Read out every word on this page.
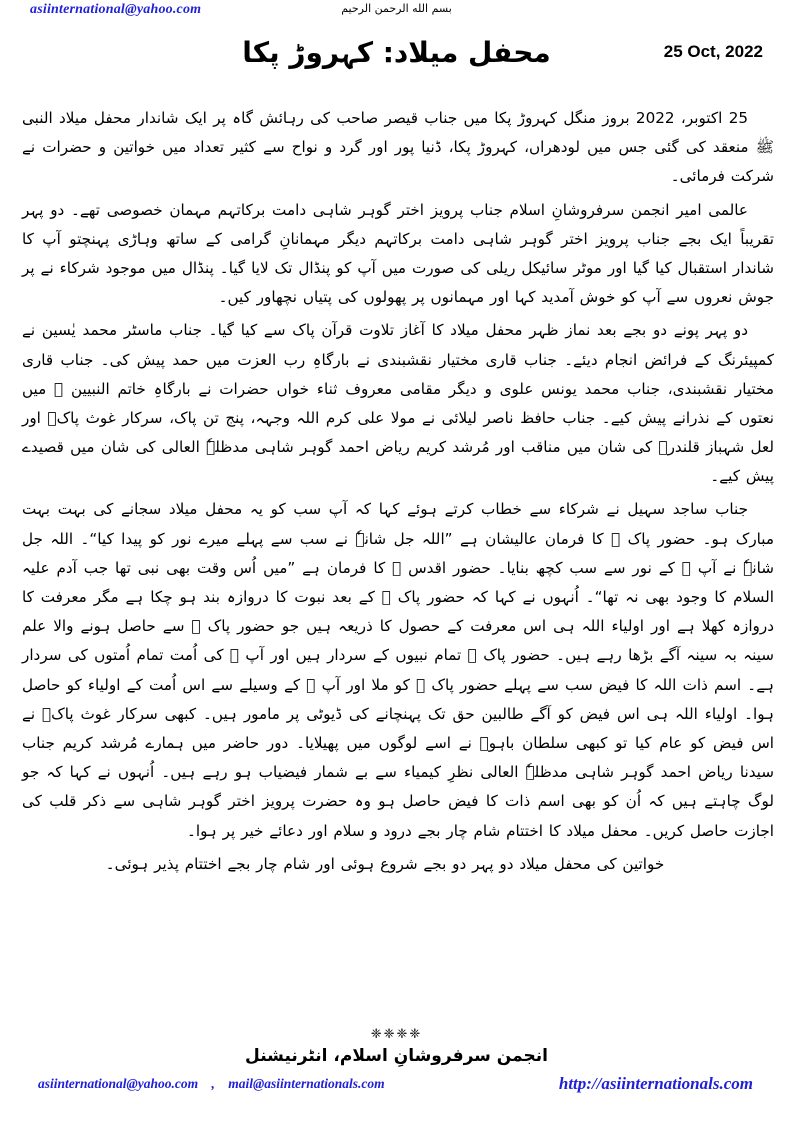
asiinternational@yahoo.com	بسم الله الرحمن الرحيم
محفل میلاد: کہروڑ پکا	25 Oct, 2022

25 اکتوبر، 2022 بروز منگل کہروڑ پکا میں جناب قیصر صاحب کی رہائش گاہ پر ایک شاندار محفل میلاد النبی ﷺ منعقد کی گئی جس میں لودھراں، کہروڑ پکا، ڈنیا پور اور گرد و نواح سے کثیر تعداد میں خواتین و حضرات نے شرکت فرمائی۔

عالمی امیر انجمن سرفروشانِ اسلام جناب پرویز اختر گوہر شاہی دامت برکاتہم مہمان خصوصی تھے۔ دو پہر تقریباً ایک بجے جناب پرویز اختر گوہر شاہی دامت برکاتہم دیگر مہمانانِ گرامی کے ساتھ وہاڑی پہنچتو آپ کا شاندار استقبال کیا گیا اور موٹر سائیکل ریلی کی صورت میں آپ کو پنڈال تک لایا گیا۔ پنڈال میں موجود شرکاء نے پر جوش نعروں سے آپ کو خوش آمدید کہا اور مہمانوں پر پھولوں کی پتیاں نچھاور کیں۔

دو پہر پونے دو بجے بعد نماز ظہر محفل میلاد کا آغاز تلاوت قرآن پاک سے کیا گیا۔ جناب ماسٹر محمد یٰسین نے کمپیئرنگ کے فرائض انجام دیئے۔ جناب قاری مختیار نقشبندی نے بارگاہِ رب العزت میں حمد پیش کی۔ جناب قاری مختیار نقشبندی، جناب محمد یونس علوی و دیگر مقامی معروف ثناء خواں حضرات نے بارگاہِ خاتم النبیین ﷺ میں نعتوں کے نذرانے پیش کیے۔ جناب حافظ ناصر لیلائی نے مولا علی کرم اللہ وجہہ، پنج تن پاک، سرکار غوث پاکؓ اور لعل شہباز قلندرؒ کی شان میں مناقب اور مُرشد کریم ریاض احمد گوہر شاہی مدظلہٗ العالی کی شان میں قصیدے پیش کیے۔

جناب ساجد سہیل نے شرکاء سے خطاب کرتے ہوئے کہا کہ آپ سب کو یہ محفل میلاد سجانے کی بہت بہت مبارک ہو۔ حضور پاک ﷺ کا فرمان عالیشان ہے ”اللہ جل شانہٗ نے سب سے پہلے میرے نور کو پیدا کیا“۔ اللہ جل شانہٗ نے آپ ﷺ کے نور سے سب کچھ بنایا۔ حضور اقدس ﷺ کا فرمان ہے ”میں اُس وقت بھی نبی تھا جب آدم علیہ السلام کا وجود بھی نہ تھا“۔ اُنہوں نے کہا کہ حضور پاک ﷺ کے بعد نبوت کا دروازہ بند ہو چکا ہے مگر معرفت کا دروازہ کھلا ہے اور اولیاء اللہ ہی اس معرفت کے حصول کا ذریعہ ہیں جو حضور پاک ﷺ سے حاصل ہونے والا علم سینہ بہ سینہ آگے بڑھا رہے ہیں۔ حضور پاک ﷺ تمام نبیوں کے سردار ہیں اور آپ ﷺ کی اُمت تمام اُمتوں کی سردار ہے۔ اسم ذات اللہ کا فیض سب سے پہلے حضور پاک ﷺ کو ملا اور آپ ﷺ کے وسیلے سے اس اُمت کے اولیاء کو حاصل ہوا۔ اولیاء اللہ ہی اس فیض کو آگے طالبین حق تک پہنچانے کی ڈیوٹی پر مامور ہیں۔ کبھی سرکار غوث پاکؓ نے اس فیض کو عام کیا تو کبھی سلطان باہوؒ نے اسے لوگوں میں پھیلایا۔ دور حاضر میں ہمارے مُرشد کریم جناب سیدنا ریاض احمد گوہر شاہی مدظلہٗ العالی نظرِ کیمیاء سے بے شمار فیضیاب ہو رہے ہیں۔ اُنہوں نے کہا کہ جو لوگ چاہتے ہیں کہ اُن کو بھی اسم ذات کا فیض حاصل ہو وہ حضرت پرویز اختر گوہر شاہی سے ذکر قلب کی اجازت حاصل کریں۔ محفل میلاد کا اختتام شام چار بجے درود و سلام اور دعائے خیر پر ہوا۔

خواتین کی محفل میلاد دو پہر دو بجے شروع ہوئی اور شام چار بجے اختتام پذیر ہوئی۔

❈❈❈❈
انجمن سرفروشانِ اسلام، انٹرنیشنل
asiinternational@yahoo.com , mail@asiinternationals.com	http://asiinternationals.com
